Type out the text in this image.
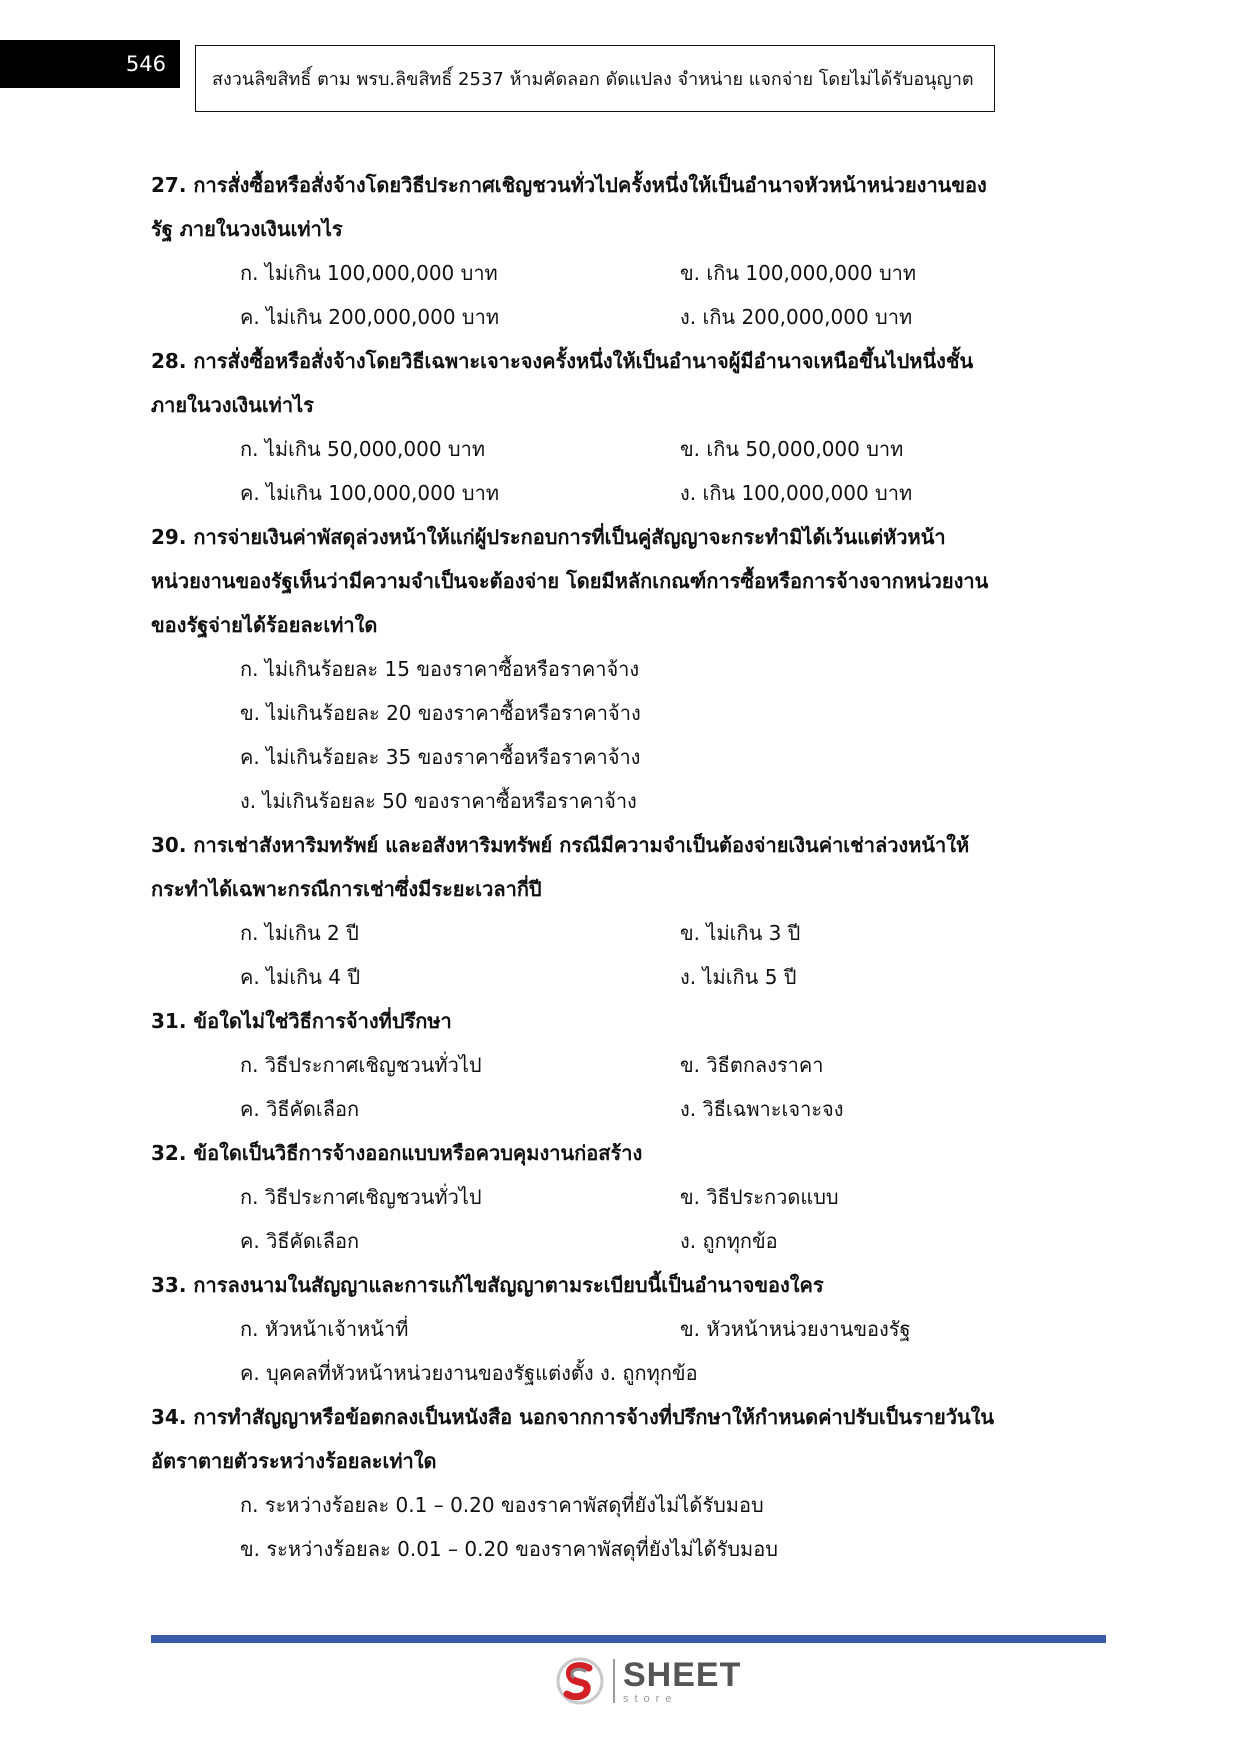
546
สงวนลิขสิทธิ์ ตาม พรบ.ลิขสิทธิ์ 2537 ห้ามคัดลอก ดัดแปลง จำหน่าย แจกจ่าย โดยไม่ได้รับอนุญาต
27. การสั่งซื้อหรือสั่งจ้างโดยวิธีประกาศเชิญชวนทั่วไปครั้งหนึ่งให้เป็นอำนาจหัวหน้าหน่วยงานของ
รัฐ ภายในวงเงินเท่าไร
ก. ไม่เกิน 100,000,000 บาท	ข. เกิน 100,000,000 บาท
ค. ไม่เกิน 200,000,000 บาท	ง. เกิน 200,000,000 บาท
28. การสั่งซื้อหรือสั่งจ้างโดยวิธีเฉพาะเจาะจงครั้งหนึ่งให้เป็นอำนาจผู้มีอำนาจเหนือขึ้นไปหนึ่งชั้น
ภายในวงเงินเท่าไร
ก. ไม่เกิน 50,000,000 บาท	ข. เกิน 50,000,000 บาท
ค. ไม่เกิน 100,000,000 บาท	ง. เกิน 100,000,000 บาท
29. การจ่ายเงินค่าพัสดุล่วงหน้าให้แก่ผู้ประกอบการที่เป็นคู่สัญญาจะกระทำมิได้เว้นแต่หัวหน้า
หน่วยงานของรัฐเห็นว่ามีความจำเป็นจะต้องจ่าย โดยมีหลักเกณฑ์การซื้อหรือการจ้างจากหน่วยงาน
ของรัฐจ่ายได้ร้อยละเท่าใด
ก. ไม่เกินร้อยละ 15 ของราคาซื้อหรือราคาจ้าง
ข. ไม่เกินร้อยละ 20 ของราคาซื้อหรือราคาจ้าง
ค. ไม่เกินร้อยละ 35 ของราคาซื้อหรือราคาจ้าง
ง. ไม่เกินร้อยละ 50 ของราคาซื้อหรือราคาจ้าง
30. การเช่าสังหาริมทรัพย์ และอสังหาริมทรัพย์ กรณีมีความจำเป็นต้องจ่ายเงินค่าเช่าล่วงหน้าให้
กระทำได้เฉพาะกรณีการเช่าซึ่งมีระยะเวลากี่ปี
ก. ไม่เกิน 2 ปี	ข. ไม่เกิน 3 ปี
ค. ไม่เกิน 4 ปี	ง. ไม่เกิน 5 ปี
31. ข้อใดไม่ใช่วิธีการจ้างที่ปรึกษา
ก. วิธีประกาศเชิญชวนทั่วไป	ข. วิธีตกลงราคา
ค. วิธีคัดเลือก	ง. วิธีเฉพาะเจาะจง
32. ข้อใดเป็นวิธีการจ้างออกแบบหรือควบคุมงานก่อสร้าง
ก. วิธีประกาศเชิญชวนทั่วไป	ข. วิธีประกวดแบบ
ค. วิธีคัดเลือก	ง. ถูกทุกข้อ
33. การลงนามในสัญญาและการแก้ไขสัญญาตามระเบียบนี้เป็นอำนาจของใคร
ก. หัวหน้าเจ้าหน้าที่	ข. หัวหน้าหน่วยงานของรัฐ
ค. บุคคลที่หัวหน้าหน่วยงานของรัฐแต่งตั้ง ง. ถูกทุกข้อ
34. การทำสัญญาหรือข้อตกลงเป็นหนังสือ นอกจากการจ้างที่ปรึกษาให้กำหนดค่าปรับเป็นรายวันใน
อัตราตายตัวระหว่างร้อยละเท่าใด
ก. ระหว่างร้อยละ 0.1 – 0.20 ของราคาพัสดุที่ยังไม่ได้รับมอบ
ข. ระหว่างร้อยละ 0.01 – 0.20 ของราคาพัสดุที่ยังไม่ได้รับมอบ
SHEET
store
